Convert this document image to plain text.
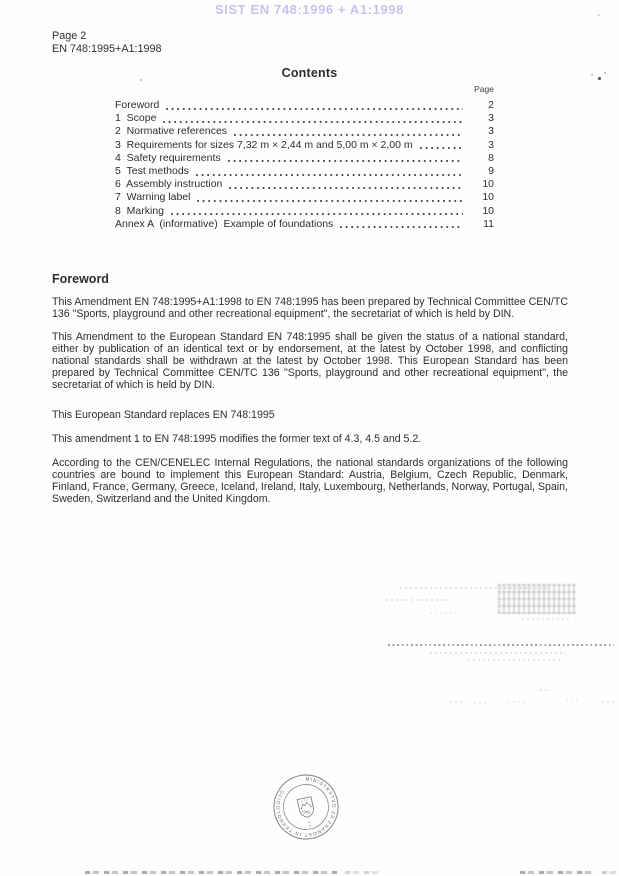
SIST EN 748:1996 + A1:1998
Page 2
EN 748:1995+A1:1998
Contents
Page
Foreword	2
1  Scope	3
2  Normative references	3
3  Requirements for sizes 7,32 m × 2,44 m and 5,00 m × 2,00 m	3
4  Safety requirements	8
5  Test methods	9
6  Assembly instruction	10
7  Warning label	10
8  Marking	10
Annex A  (informative)  Example of foundations	11
Foreword
This Amendment EN 748:1995+A1:1998 to EN 748:1995 has been prepared by Technical Committee CEN/TC 136 "Sports, playground and other recreational equipment", the secretariat of which is held by DIN.
This Amendment to the European Standard EN 748:1995 shall be given the status of a national standard, either by publication of an identical text or by endorsement, at the latest by October 1998, and conflicting national standards shall be withdrawn at the latest by October 1998. This European Standard has been prepared by Technical Committee CEN/TC 136 "Sports, playground and other recreational equipment", the secretariat of which is held by DIN.
This European Standard replaces EN 748:1995
This amendment 1 to EN 748:1995 modifies the former text of 4.3, 4.5 and 5.2.
According to the CEN/CENELEC Internal Regulations, the national standards organizations of the following countries are bound to implement this European Standard: Austria, Belgium, Czech Republic, Denmark, Finland, France, Germany, Greece, Iceland, Ireland, Italy, Luxembourg, Netherlands, Norway, Portugal, Spain, Sweden, Switzerland and the United Kingdom.
· MINISTRSTVO ZA ZNANOST IN TEHNOLOGIJO ·
